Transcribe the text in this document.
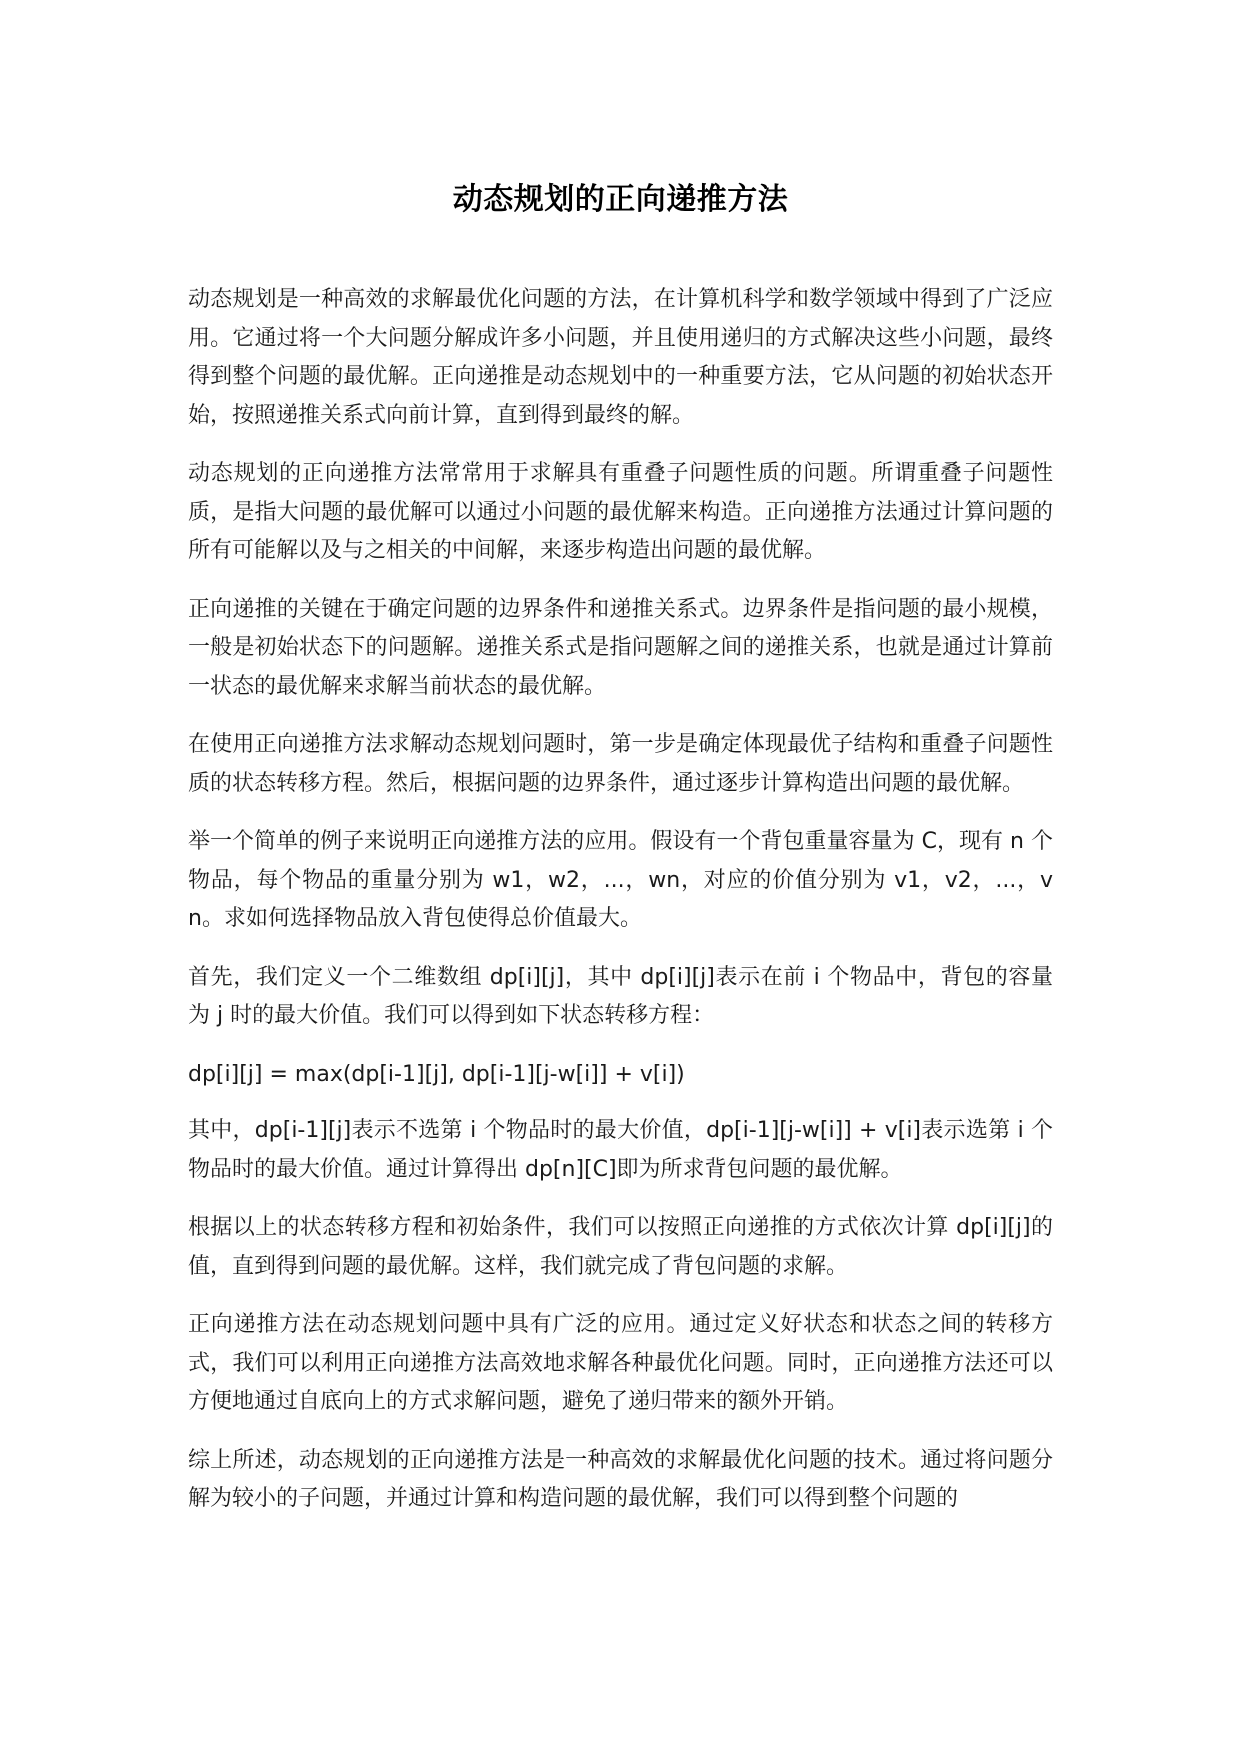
动态规划的正向递推方法

动态规划是一种高效的求解最优化问题的方法，在计算机科学和数学领域中得到了广泛应用。它通过将一个大问题分解成许多小问题，并且使用递归的方式解决这些小问题，最终得到整个问题的最优解。正向递推是动态规划中的一种重要方法，它从问题的初始状态开始，按照递推关系式向前计算，直到得到最终的解。

动态规划的正向递推方法常常用于求解具有重叠子问题性质的问题。所谓重叠子问题性质，是指大问题的最优解可以通过小问题的最优解来构造。正向递推方法通过计算问题的所有可能解以及与之相关的中间解，来逐步构造出问题的最优解。

正向递推的关键在于确定问题的边界条件和递推关系式。边界条件是指问题的最小规模，一般是初始状态下的问题解。递推关系式是指问题解之间的递推关系，也就是通过计算前一状态的最优解来求解当前状态的最优解。

在使用正向递推方法求解动态规划问题时，第一步是确定体现最优子结构和重叠子问题性质的状态转移方程。然后，根据问题的边界条件，通过逐步计算构造出问题的最优解。

举一个简单的例子来说明正向递推方法的应用。假设有一个背包重量容量为 C，现有 n 个物品，每个物品的重量分别为 w1，w2，...，wn，对应的价值分别为 v1，v2，...，vn。求如何选择物品放入背包使得总价值最大。

首先，我们定义一个二维数组 dp[i][j]，其中 dp[i][j]表示在前 i 个物品中，背包的容量为 j 时的最大价值。我们可以得到如下状态转移方程：

dp[i][j] = max(dp[i-1][j], dp[i-1][j-w[i]] + v[i])

其中，dp[i-1][j]表示不选第 i 个物品时的最大价值，dp[i-1][j-w[i]] + v[i]表示选第 i 个物品时的最大价值。通过计算得出 dp[n][C]即为所求背包问题的最优解。

根据以上的状态转移方程和初始条件，我们可以按照正向递推的方式依次计算 dp[i][j]的值，直到得到问题的最优解。这样，我们就完成了背包问题的求解。

正向递推方法在动态规划问题中具有广泛的应用。通过定义好状态和状态之间的转移方式，我们可以利用正向递推方法高效地求解各种最优化问题。同时，正向递推方法还可以方便地通过自底向上的方式求解问题，避免了递归带来的额外开销。

综上所述，动态规划的正向递推方法是一种高效的求解最优化问题的技术。通过将问题分解为较小的子问题，并通过计算和构造问题的最优解，我们可以得到整个问题的
